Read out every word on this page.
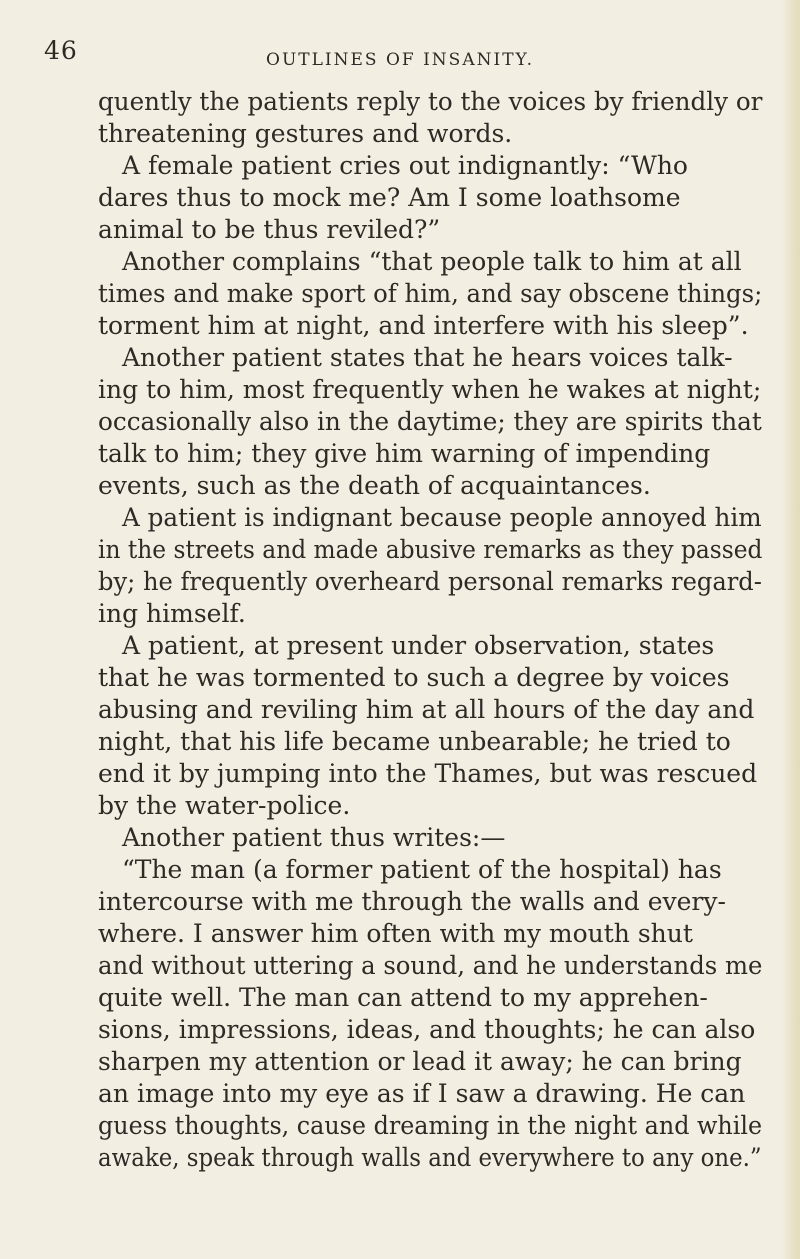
46	OUTLINES OF INSANITY.
quently the patients reply to the voices by friendly or
threatening gestures and words.
A female patient cries out indignantly: “Who
dares thus to mock me? Am I some loathsome
animal to be thus reviled?”
Another complains “that people talk to him at all
times and make sport of him, and say obscene things;
torment him at night, and interfere with his sleep”.
Another patient states that he hears voices talk-
ing to him, most frequently when he wakes at night;
occasionally also in the daytime; they are spirits that
talk to him; they give him warning of impending
events, such as the death of acquaintances.
A patient is indignant because people annoyed him
in the streets and made abusive remarks as they passed
by; he frequently overheard personal remarks regard-
ing himself.
A patient, at present under observation, states
that he was tormented to such a degree by voices
abusing and reviling him at all hours of the day and
night, that his life became unbearable; he tried to
end it by jumping into the Thames, but was rescued
by the water-police.
Another patient thus writes:—
“The man (a former patient of the hospital) has
intercourse with me through the walls and every-
where. I answer him often with my mouth shut
and without uttering a sound, and he understands me
quite well. The man can attend to my apprehen-
sions, impressions, ideas, and thoughts; he can also
sharpen my attention or lead it away; he can bring
an image into my eye as if I saw a drawing. He can
guess thoughts, cause dreaming in the night and while
awake, speak through walls and everywhere to any one.”
